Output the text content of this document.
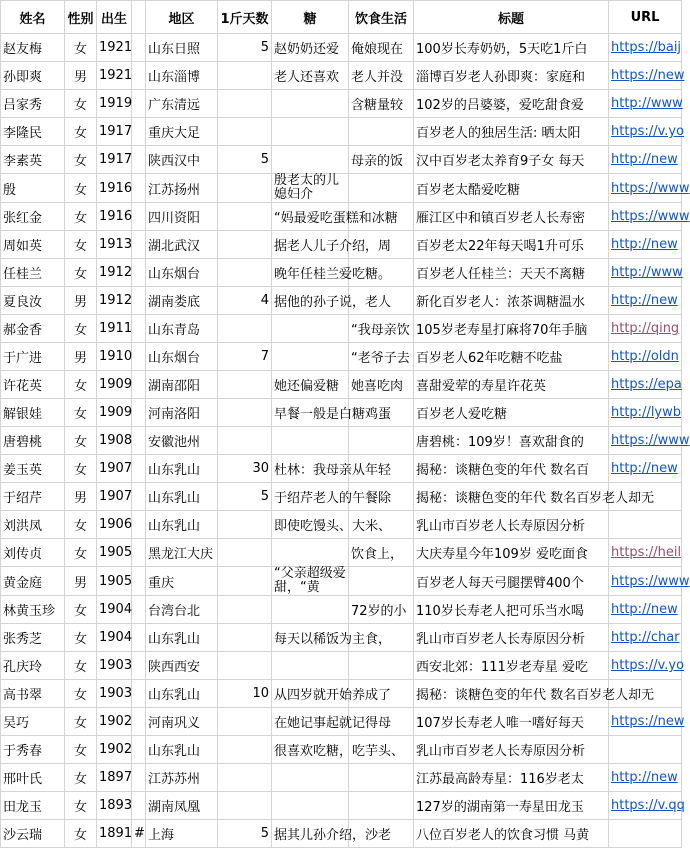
姓名	性别	出生		地区	1斤天数	糖	饮食生活	标题	URL
赵友梅	女	1921		山东日照	5	赵奶奶还爱	俺娘现在	100岁长寿奶奶，5天吃1斤白	https://baij
孙即爽	男	1921		山东淄博		老人还喜欢	老人并没	淄博百岁老人孙即爽：家庭和	https://new
吕家秀	女	1919		广东清远			含糖量较	102岁的吕婆婆，爱吃甜食爱	http://www
李隆民	女	1917		重庆大足				百岁老人的独居生活: 晒太阳	https://v.yo
李素英	女	1917		陕西汉中	5		母亲的饭	汉中百岁老太养育9子女 每天	http://new
殷	女	1916		江苏扬州		殷老太的儿媳妇介		百岁老太酷爱吃糖	https://www
张红金	女	1916		四川资阳		“妈最爱吃蛋糕和冰糖		雁江区中和镇百岁老人长寿密	https://www
周如英	女	1913		湖北武汉		据老人儿子介绍，周		百岁老太22年每天喝1升可乐	http://new
任桂兰	女	1912		山东烟台		晚年任桂兰爱吃糖。		百岁老人任桂兰：天天不离糖	http://www
夏良汝	男	1912		湖南娄底	4	据他的孙子说，老人		新化百岁老人：浓茶调糖温水	http://new
郝金香	女	1911		山东青岛			“我母亲饮	105岁老寿星打麻将70年手脑	http://qing
于广进	男	1910		山东烟台	7		“老爷子去	百岁老人62年吃糖不吃盐	http://oldn
许花英	女	1909		湖南邵阳		她还偏爱糖	她喜吃肉	喜甜爱荤的寿星许花英	https://epa
解银娃	女	1909		河南洛阳		早餐一般是白糖鸡蛋		百岁老人爱吃糖	http://lywb
唐碧桃	女	1908		安徽池州				唐碧桃：109岁！喜欢甜食的	https://www
姜玉英	女	1907		山东乳山	30	杜林：我母亲从年轻		揭秘：谈糖色变的年代 数名百	http://new
于绍芹	男	1907		山东乳山	5	于绍芹老人的午餐除		揭秘：谈糖色变的年代 数名百岁老人却无	
刘洪凤	女	1906		山东乳山		即使吃馒头、大米、		乳山市百岁老人长寿原因分析	
刘传贞	女	1905		黑龙江大庆			饮食上，	大庆寿星今年109岁 爱吃面食	https://heil
黄金庭	男	1905		重庆		“父亲超级爱甜，“黄		百岁老人每天弓腿摆臂400个	https://www
林黄玉珍	女	1904		台湾台北			72岁的小	110岁长寿老人把可乐当水喝	http://new
张秀芝	女	1904		山东乳山		每天以稀饭为主食，		乳山市百岁老人长寿原因分析	http://char
孔庆玲	女	1903		陕西西安				西安北郊：111岁老寿星 爱吃	https://v.yo
高书翠	女	1903		山东乳山	10	从四岁就开始养成了		揭秘：谈糖色变的年代 数名百岁老人却无	
吴巧	女	1902		河南巩义		在她记事起就记得母		107岁长寿老人唯一嗜好每天	https://new
于秀春	女	1902		山东乳山		很喜欢吃糖，吃芋头、		乳山市百岁老人长寿原因分析	
邢叶氏	女	1897		江苏苏州				江苏最高龄寿星：116岁老太	http://new
田龙玉	女	1893		湖南凤凰				127岁的湖南第一寿星田龙玉	https://v.qq
沙云瑞	女	1891	#	上海	5	据其儿孙介绍，沙老		八位百岁老人的饮食习惯 马黄	
